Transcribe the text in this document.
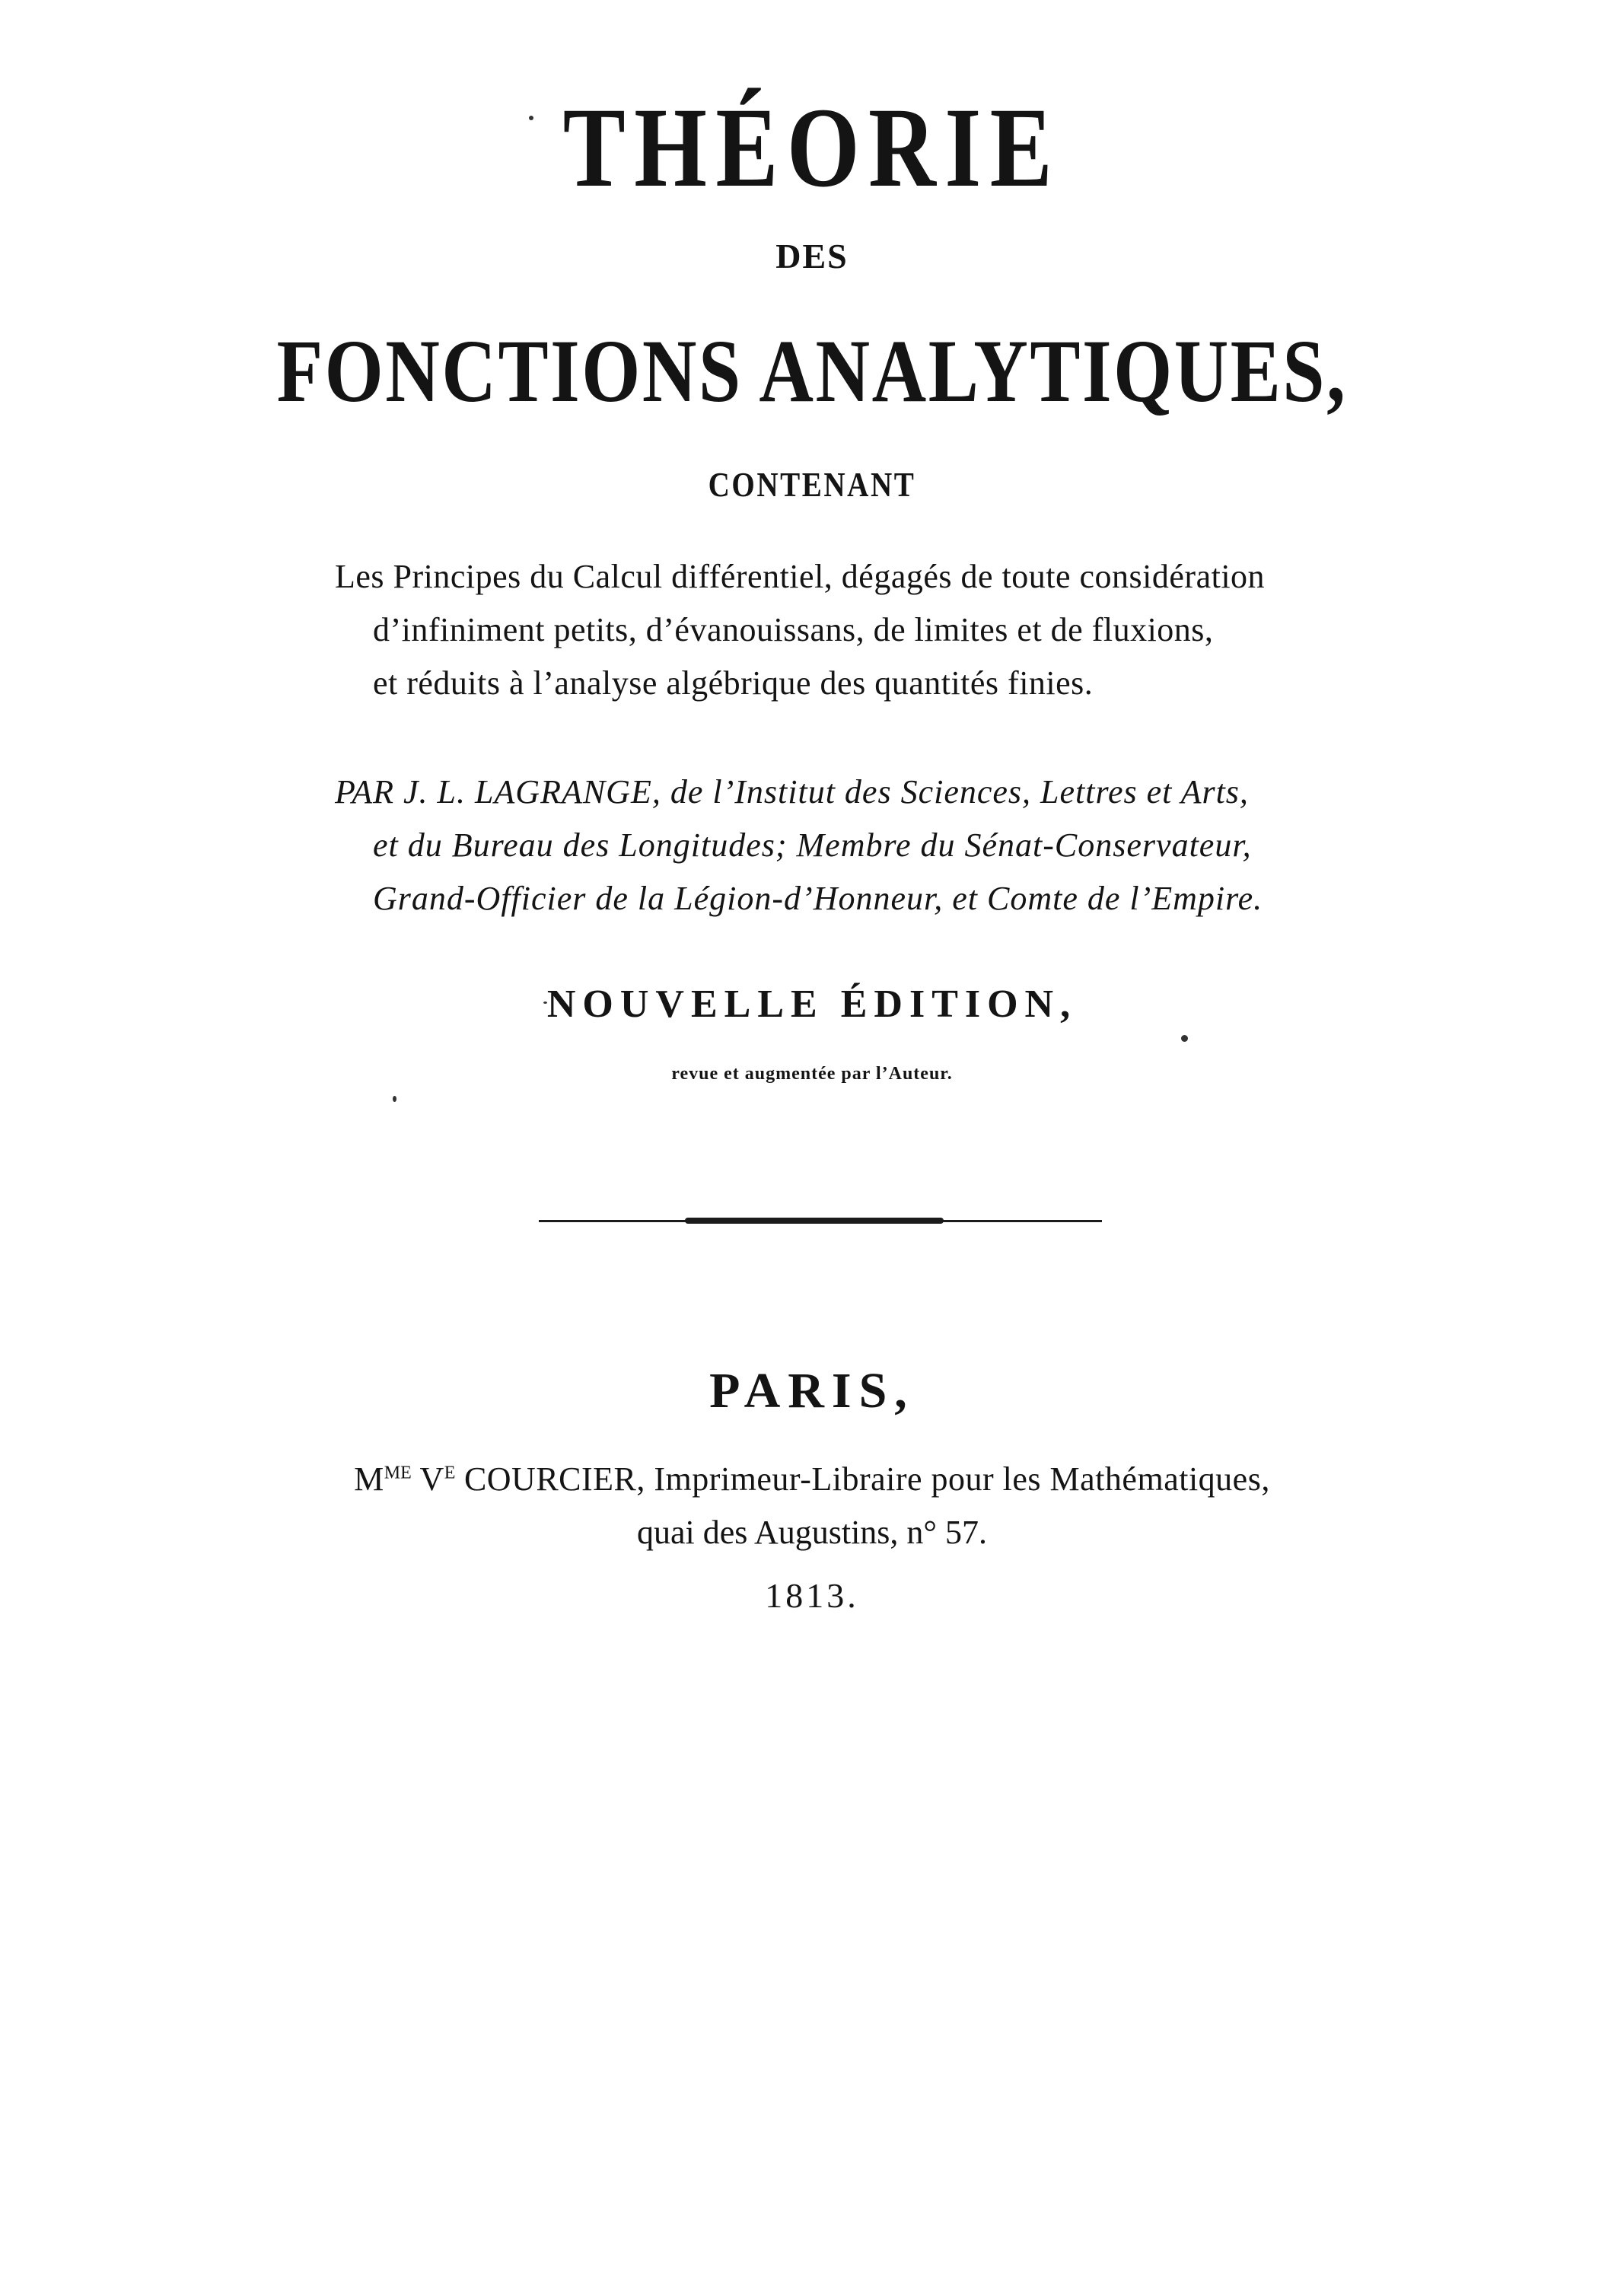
THÉORIE
DES
FONCTIONS ANALYTIQUES,
CONTENANT
Les Principes du Calcul différentiel, dégagés de toute considération
d’infiniment petits, d’évanouissans, de limites et de fluxions,
et réduits à l’analyse algébrique des quantités finies.
PAR J. L. LAGRANGE, de l’Institut des Sciences, Lettres et Arts,
et du Bureau des Longitudes; Membre du Sénat-Conservateur,
Grand-Officier de la Légion-d’Honneur, et Comte de l’Empire.
NOUVELLE ÉDITION,
revue et augmentée par l’Auteur.
PARIS,
$M^{ME}$ $V^E$ COURCIER, Imprimeur-Libraire pour les Mathématiques,
quai des Augustins, n° 57.
1813.
